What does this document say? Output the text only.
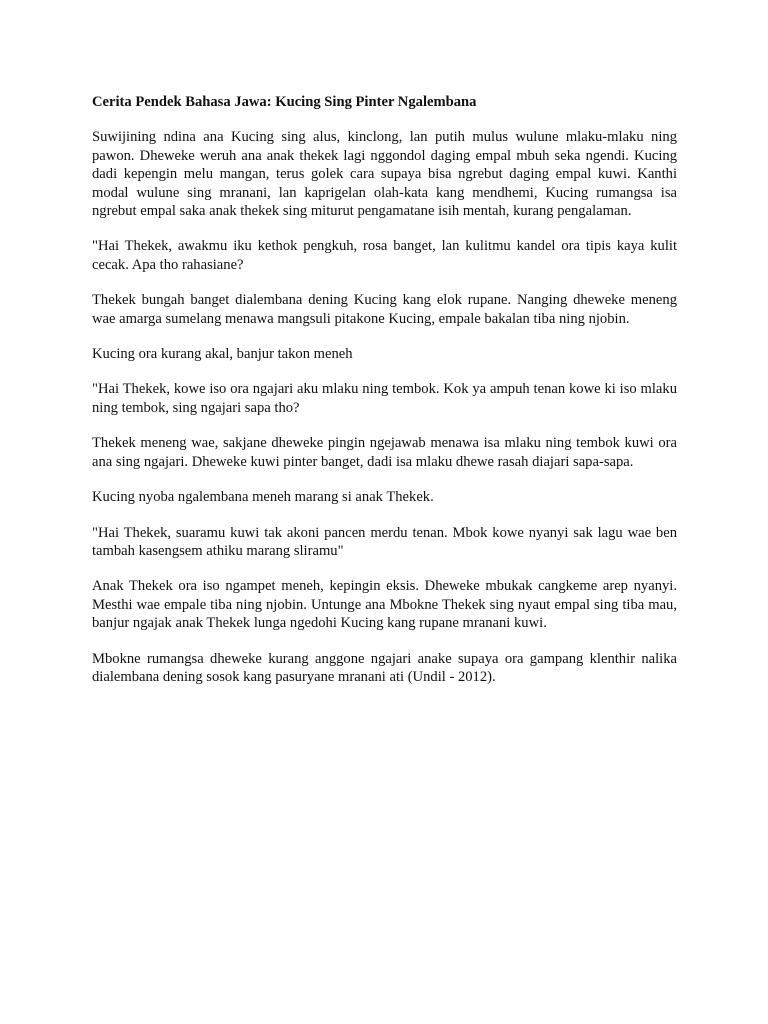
Cerita Pendek Bahasa Jawa: Kucing Sing Pinter Ngalembana

Suwijining ndina ana Kucing sing alus, kinclong, lan putih mulus wulune mlaku-mlaku ning pawon. Dheweke weruh ana anak thekek lagi nggondol daging empal mbuh seka ngendi. Kucing dadi kepengin melu mangan, terus golek cara supaya bisa ngrebut daging empal kuwi. Kanthi modal wulune sing mranani, lan kaprigelan olah-kata kang mendhemi, Kucing rumangsa isa ngrebut empal saka anak thekek sing miturut pengamatane isih mentah, kurang pengalaman.

"Hai Thekek, awakmu iku kethok pengkuh, rosa banget, lan kulitmu kandel ora tipis kaya kulit cecak. Apa tho rahasiane?

Thekek bungah banget dialembana dening Kucing kang elok rupane. Nanging dheweke meneng wae amarga sumelang menawa mangsuli pitakone Kucing, empale bakalan tiba ning njobin.

Kucing ora kurang akal, banjur takon meneh

"Hai Thekek, kowe iso ora ngajari aku mlaku ning tembok. Kok ya ampuh tenan kowe ki iso mlaku ning tembok, sing ngajari sapa tho?

Thekek meneng wae, sakjane dheweke pingin ngejawab menawa isa mlaku ning tembok kuwi ora ana sing ngajari. Dheweke kuwi pinter banget, dadi isa mlaku dhewe rasah diajari sapa-sapa.

Kucing nyoba ngalembana meneh marang si anak Thekek.

"Hai Thekek, suaramu kuwi tak akoni pancen merdu tenan. Mbok kowe nyanyi sak lagu wae ben tambah kasengsem athiku marang sliramu"

Anak Thekek ora iso ngampet meneh, kepingin eksis. Dheweke mbukak cangkeme arep nyanyi. Mesthi wae empale tiba ning njobin. Untunge ana Mbokne Thekek sing nyaut empal sing tiba mau, banjur ngajak anak Thekek lunga ngedohi Kucing kang rupane mranani kuwi.

Mbokne rumangsa dheweke kurang anggone ngajari anake supaya ora gampang klenthir nalika dialembana dening sosok kang pasuryane mranani ati (Undil - 2012).
